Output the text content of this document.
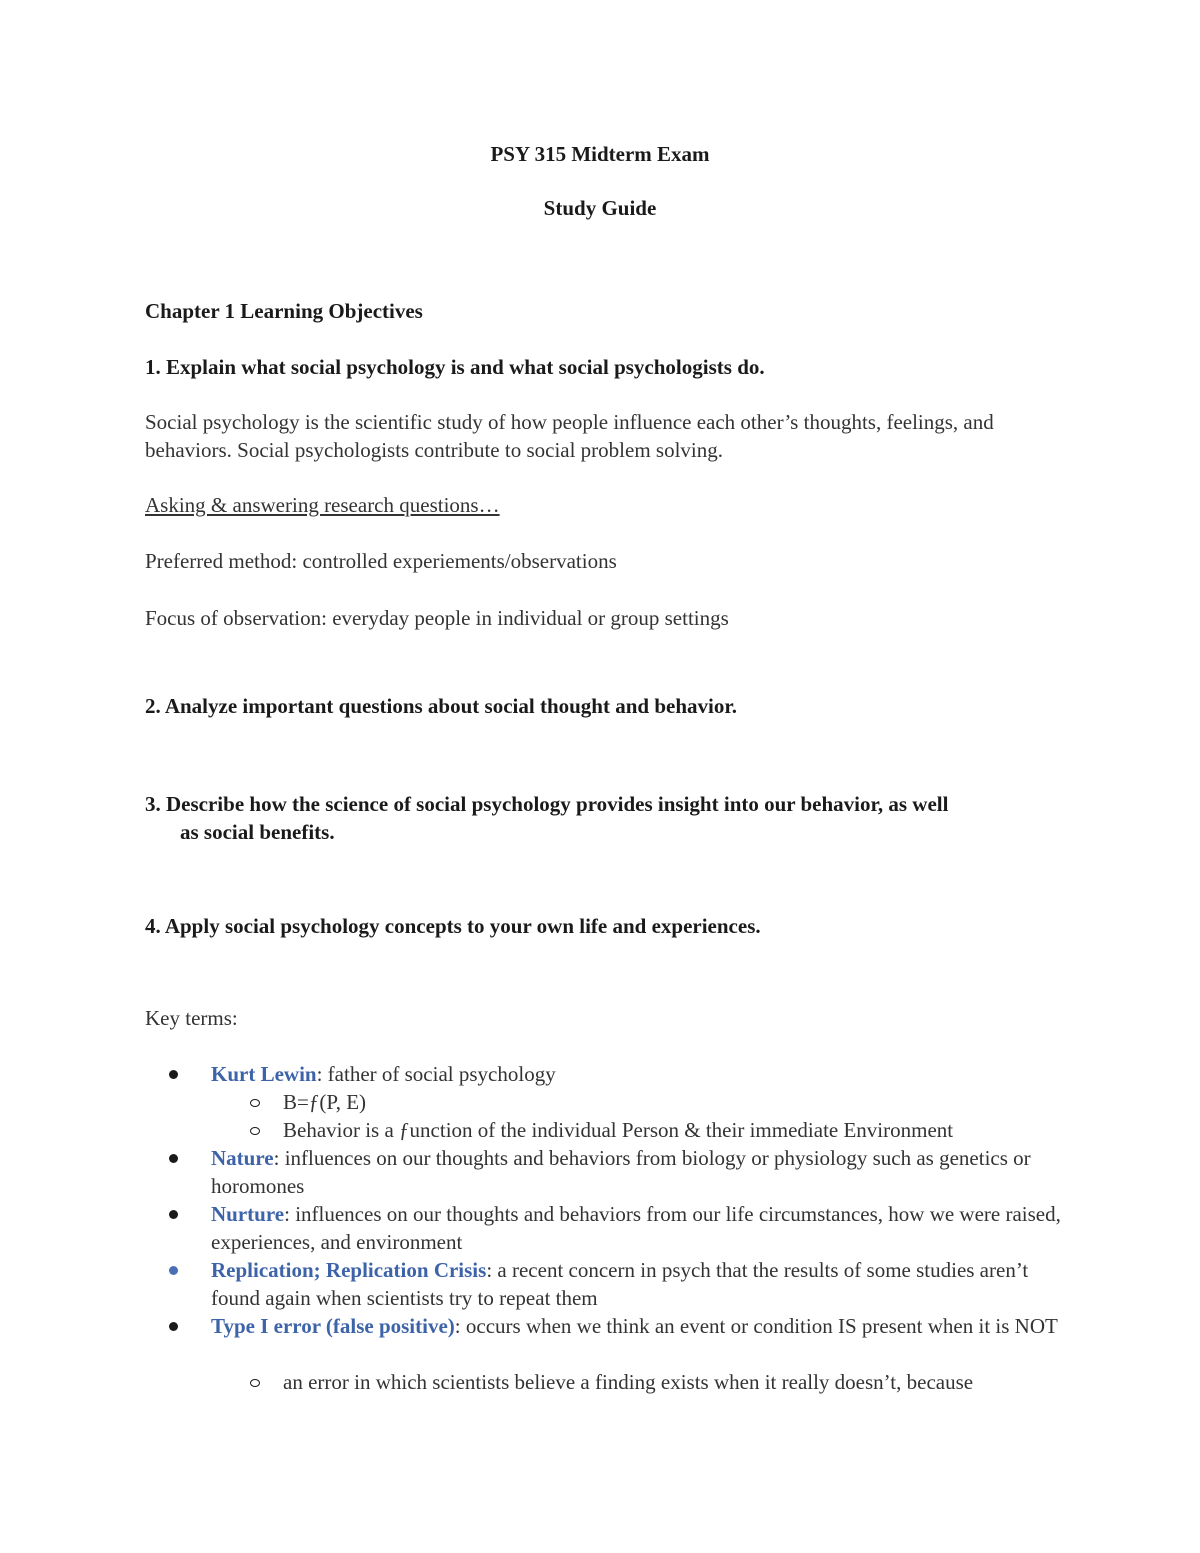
PSY 315 Midterm Exam
Study Guide
Chapter 1 Learning Objectives
1. Explain what social psychology is and what social psychologists do.
Social psychology is the scientific study of how people influence each other’s thoughts, feelings, and behaviors. Social psychologists contribute to social problem solving.
Asking & answering research questions…
Preferred method: controlled experiements/observations
Focus of observation: everyday people in individual or group settings
2. Analyze important questions about social thought and behavior.
3. Describe how the science of social psychology provides insight into our behavior, as well
as social benefits.
4. Apply social psychology concepts to your own life and experiences.
Key terms:
Kurt Lewin: father of social psychology
B=ƒ(P, E)
Behavior is a ƒunction of the individual Person & their immediate Environment
Nature: influences on our thoughts and behaviors from biology or physiology such as genetics or horomones
Nurture: influences on our thoughts and behaviors from our life circumstances, how we were raised, experiences, and environment
Replication; Replication Crisis: a recent concern in psych that the results of some studies aren’t found again when scientists try to repeat them
Type I error (false positive): occurs when we think an event or condition IS present when it is NOT
an error in which scientists believe a finding exists when it really doesn’t, because
